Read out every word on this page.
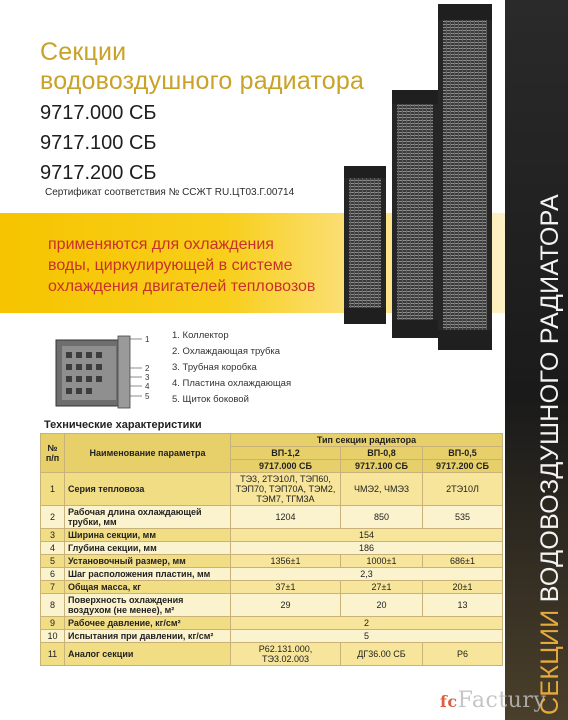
Секции
водовоздушного радиатора
9717.000 СБ
9717.100 СБ
9717.200 СБ
Сертификат соответствия № ССЖТ RU.ЦТ03.Г.00714
применяются для охлаждения
воды, циркулирующей в системе
охлаждения двигателей тепловозов
СЕКЦИИ ВОДОВОЗДУШНОГО РАДИАТОРА
1
2
3
4
5
1. Коллектор
2. Охлаждающая трубка
3. Трубная коробка
4. Пластина охлаждающая
5. Щиток боковой
Технические характеристики
№ п/п	Наименование параметра	Тип секции радиатора		
		ВП-1,2	ВП-0,8	ВП-0,5
		9717.000 СБ	9717.100 СБ	9717.200 СБ
1	Серия тепловоза	ТЭ3, 2ТЭ10Л, ТЭП60, ТЭП70, ТЭП70А, ТЭМ2, ТЭМ7, ТГМ3А	ЧМЭ2, ЧМЭ3	2ТЭ10Л
2	Рабочая длина охлаждающей трубки, мм	1204	850	535
3	Ширина секции, мм	154		
4	Глубина секции, мм	186		
5	Установочный размер, мм	1356±1	1000±1	686±1
6	Шаг расположения пластин, мм	2,3		
7	Общая масса, кг	37±1	27±1	20±1
8	Поверхность охлаждения воздухом (не менее), м²	29	20	13
9	Рабочее давление, кг/см²	2		
10	Испытания при давлении, кг/см²	5		
11	Аналог секции	Р62.131.000, ТЭ3.02.003	ДГ36.00 СБ	Р6
fcFactury
